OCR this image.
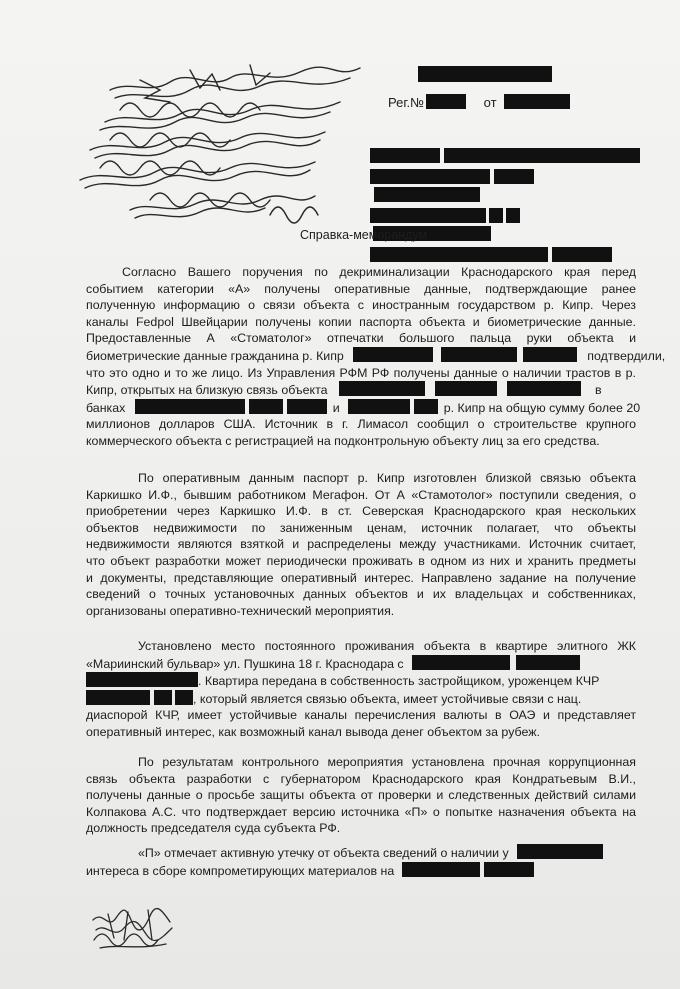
Рег.№	от
Справка-меморандум
Согласно Вашего поручения по декриминализации Краснодарского края перед
событием категории «А» получены оперативные данные, подтверждающие ранее
полученную информацию о связи объекта с иностранным государством р. Кипр. Через
каналы Fedpol Швейцарии получены копии паспорта объекта и биометрические данные.
Предоставленные А «Стоматолог» отпечатки большого пальца руки объекта и
биометрические данные гражданина р. Кипр	подтвердили,
что это одно и то же лицо. Из Управления РФМ РФ получены данные о наличии трастов в р.
Кипр, открытых на близкую связь объекта	в
банках	и	р. Кипр на общую сумму более 20
миллионов долларов США. Источник в г. Лимасол сообщил о строительстве крупного
коммерческого объекта с регистрацией на подконтрольную объекту лиц за его средства.
По оперативным данным паспорт р. Кипр изготовлен близкой связью объекта
Каркишко И.Ф., бывшим работником Мегафон. От А «Стамотолог» поступили сведения, о
приобретении через Каркишко И.Ф. в ст. Северская Краснодарского края нескольких
объектов недвижимости по заниженным ценам, источник полагает, что объекты
недвижимости являются взяткой и распределены между участниками. Источник считает,
что объект разработки может периодически проживать в одном из них и хранить предметы
и документы, представляющие оперативный интерес. Направлено задание на получение
сведений о точных установочных данных объектов и их владельцах и собственниках,
организованы оперативно-технический мероприятия.
Установлено место постоянного проживания объекта в квартире элитного ЖК
«Мариинский бульвар» ул. Пушкина 18 г. Краснодара с
. Квартира передана в собственность застройщиком, уроженцем КЧР
, который является связью объекта, имеет устойчивые связи с нац.
диаспорой КЧР, имеет устойчивые каналы перечисления валюты в ОАЭ и представляет
оперативный интерес, как возможный канал вывода денег объектом за рубеж.
По результатам контрольного мероприятия установлена прочная коррупционная
связь объекта разработки с губернатором Краснодарского края Кондратьевым В.И.,
получены данные о просьбе защиты объекта от проверки и следственных действий силами
Колпакова А.С. что подтверждает версию источника «П» о попытке назначения объекта на
должность председателя суда субъекта РФ.
«П» отмечает активную утечку от объекта сведений о наличии у
интереса в сборе компрометирующих материалов на
